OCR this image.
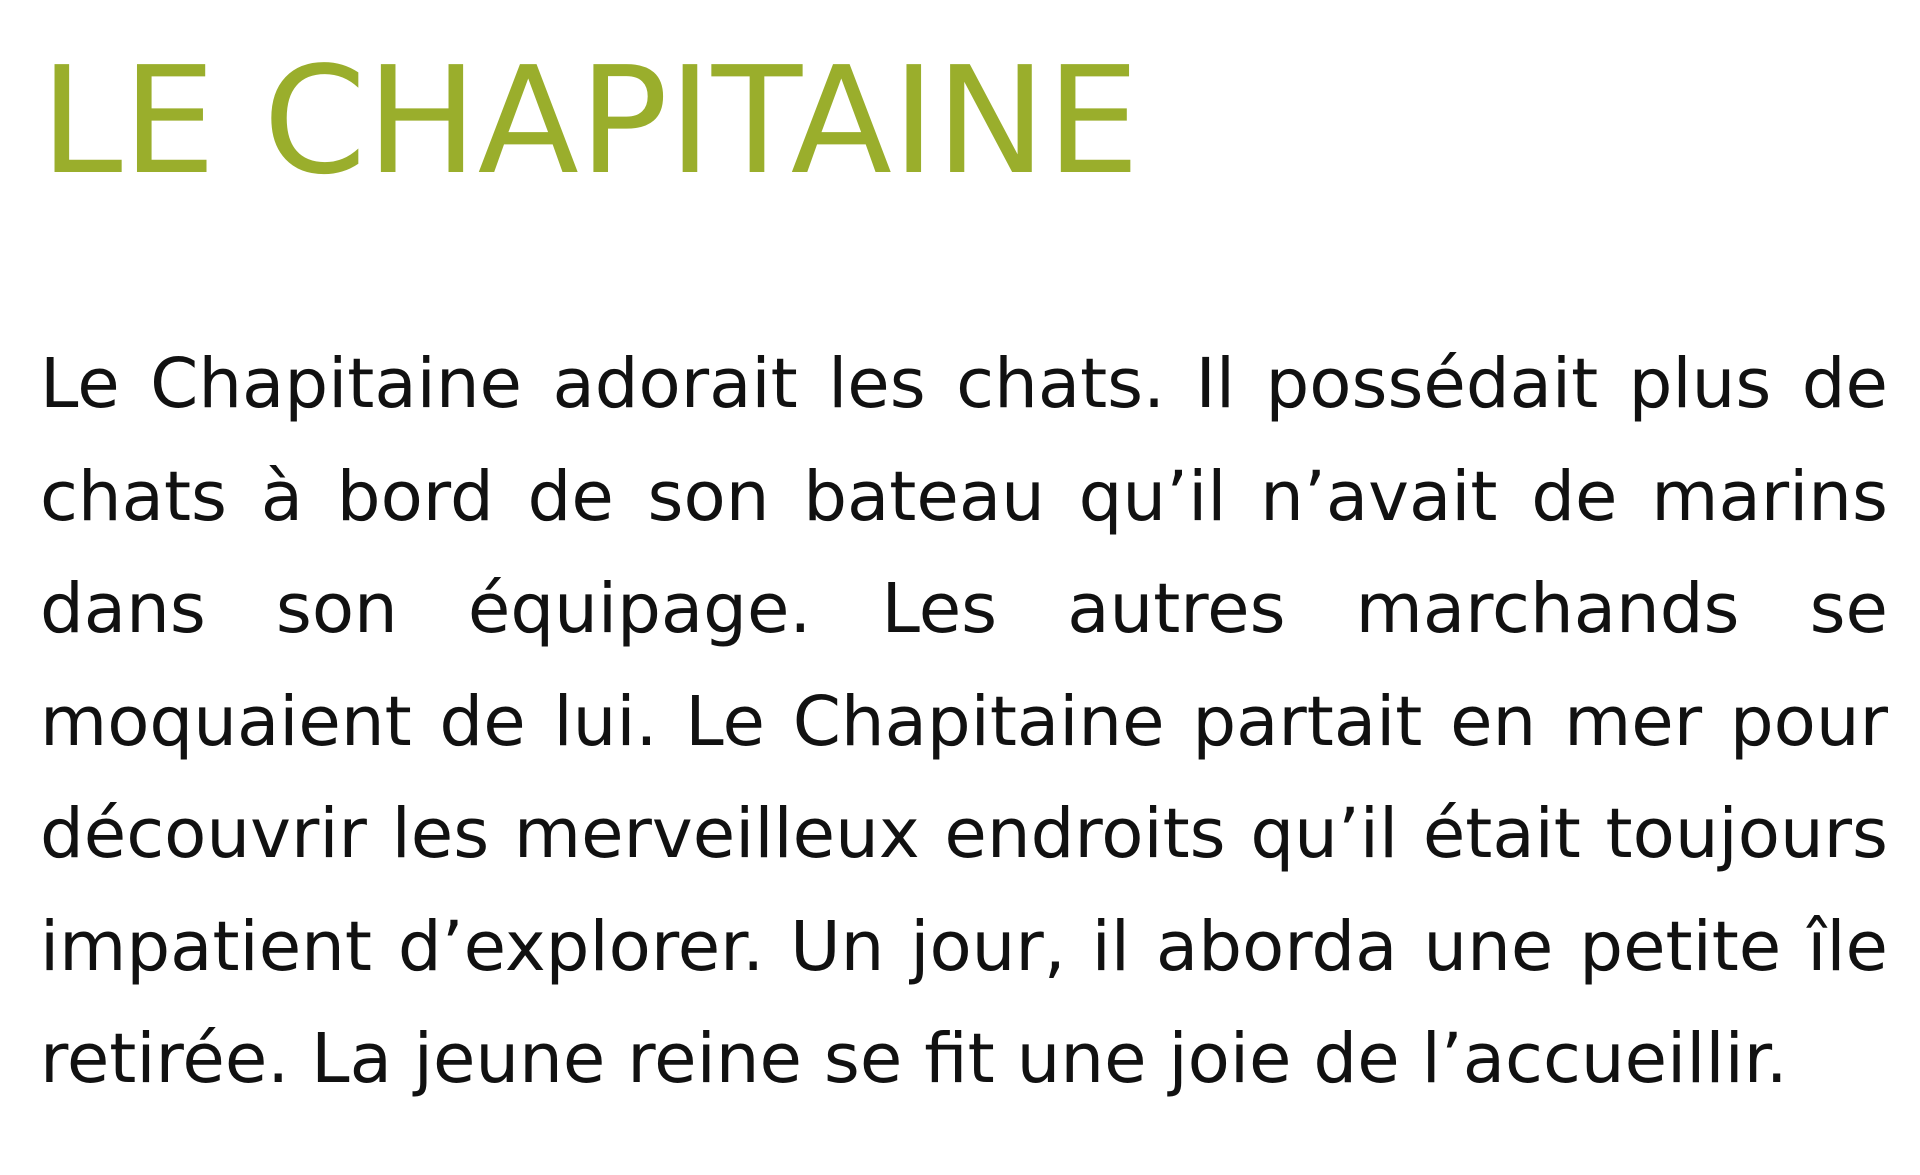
LE CHAPITAINE

Le Chapitaine adorait les chats. Il possédait plus de chats à bord de son bateau qu’il n’avait de marins dans son équipage. Les autres marchands se moquaient de lui. Le Chapitaine partait en mer pour découvrir les merveilleux endroits qu’il était toujours impatient d’explorer. Un jour, il aborda une petite île retirée. La jeune reine se fit une joie de l’accueillir.
